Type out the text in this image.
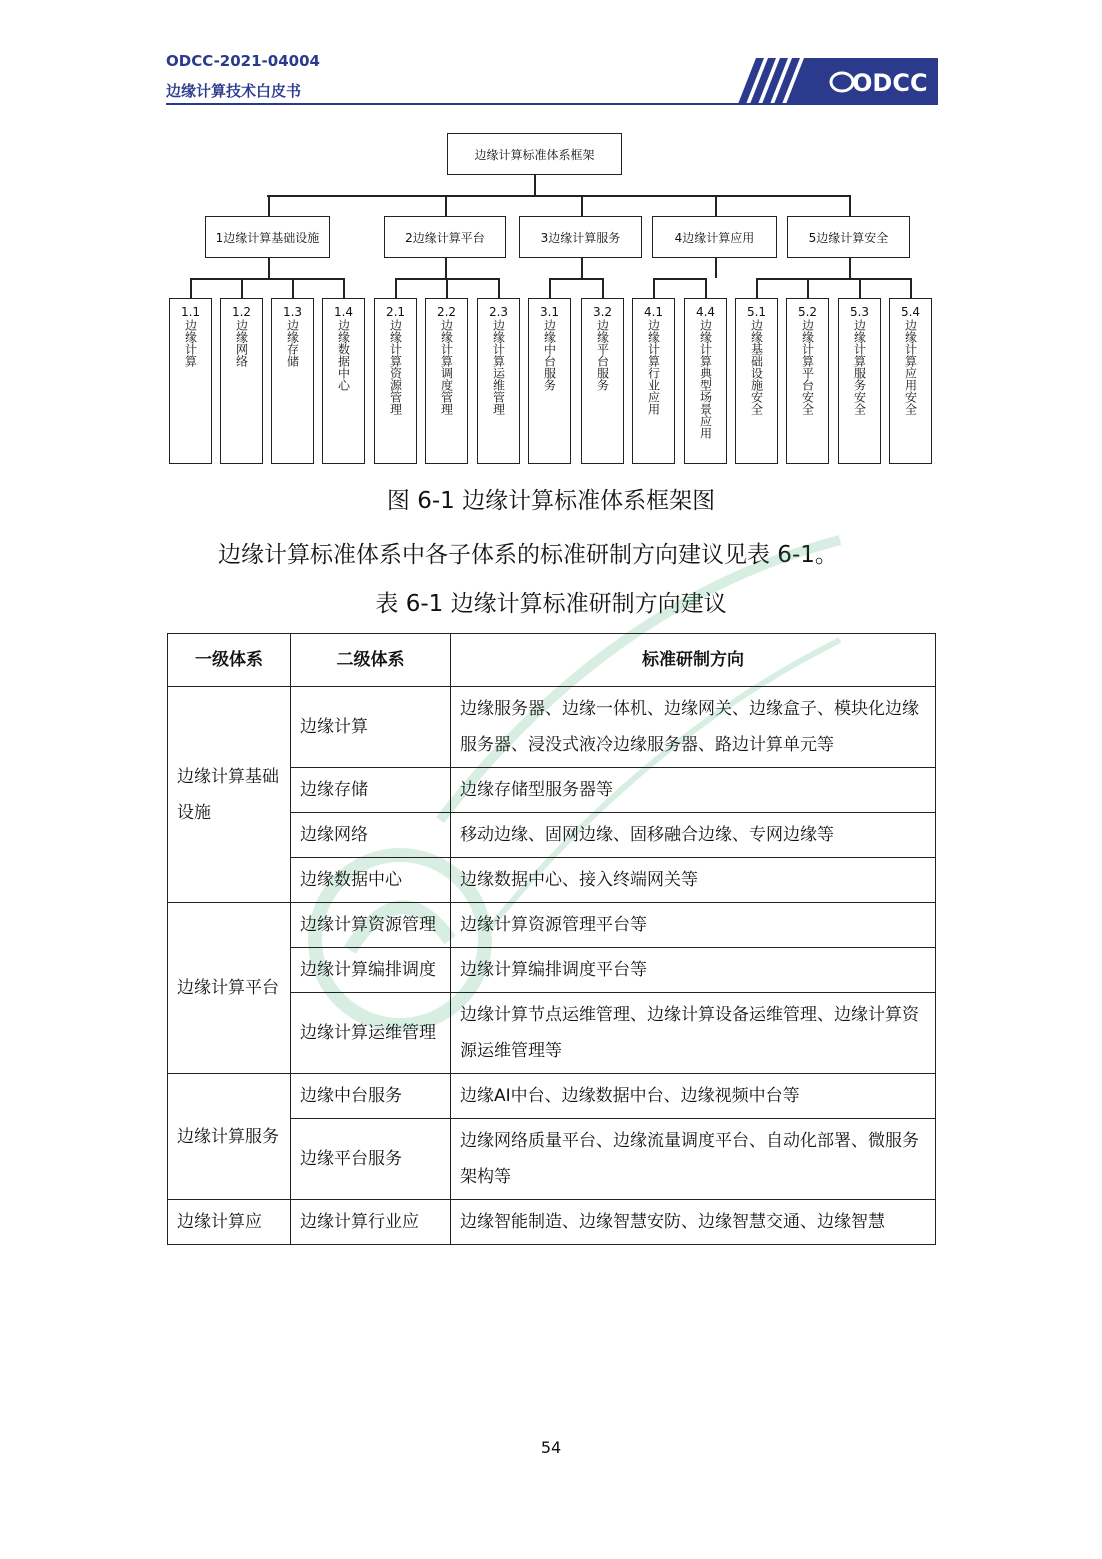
ODCC-2021-04004
边缘计算技术白皮书	ODCC
图 6-1 边缘计算标准体系框架图
边缘计算标准体系中各子体系的标准研制方向建议见表 6-1。
表 6-1 边缘计算标准研制方向建议
一级体系	二级体系	标准研制方向
边缘计算基础设施	边缘计算	边缘服务器、边缘一体机、边缘网关、边缘盒子、模块化边缘服务器、浸没式液冷边缘服务器、路边计算单元等
	边缘存储	边缘存储型服务器等
	边缘网络	移动边缘、固网边缘、固移融合边缘、专网边缘等
	边缘数据中心	边缘数据中心、接入终端网关等
边缘计算平台	边缘计算资源管理	边缘计算资源管理平台等
	边缘计算编排调度	边缘计算编排调度平台等
	边缘计算运维管理	边缘计算节点运维管理、边缘计算设备运维管理、边缘计算资源运维管理等
边缘计算服务	边缘中台服务	边缘AI中台、边缘数据中台、边缘视频中台等
	边缘平台服务	边缘网络质量平台、边缘流量调度平台、自动化部署、微服务架构等
边缘计算应	边缘计算行业应	边缘智能制造、边缘智慧安防、边缘智慧交通、边缘智慧
54
边缘计算标准体系框架
1边缘计算基础设施	2边缘计算平台	3边缘计算服务	4边缘计算应用	5边缘计算安全
1.1
边缘计算
1.2
边缘网络
1.3
边缘存储
1.4
边缘数据中心
2.1
边缘计算资源管理
2.2
边缘计算调度管理
2.3
边缘计算运维管理
3.1
边缘中台服务
3.2
边缘平台服务
4.1
边缘计算行业应用
4.4
边缘计算典型场景应用
5.1
边缘基础设施安全
5.2
边缘计算平台安全
5.3
边缘计算服务安全
5.4
边缘计算应用安全
